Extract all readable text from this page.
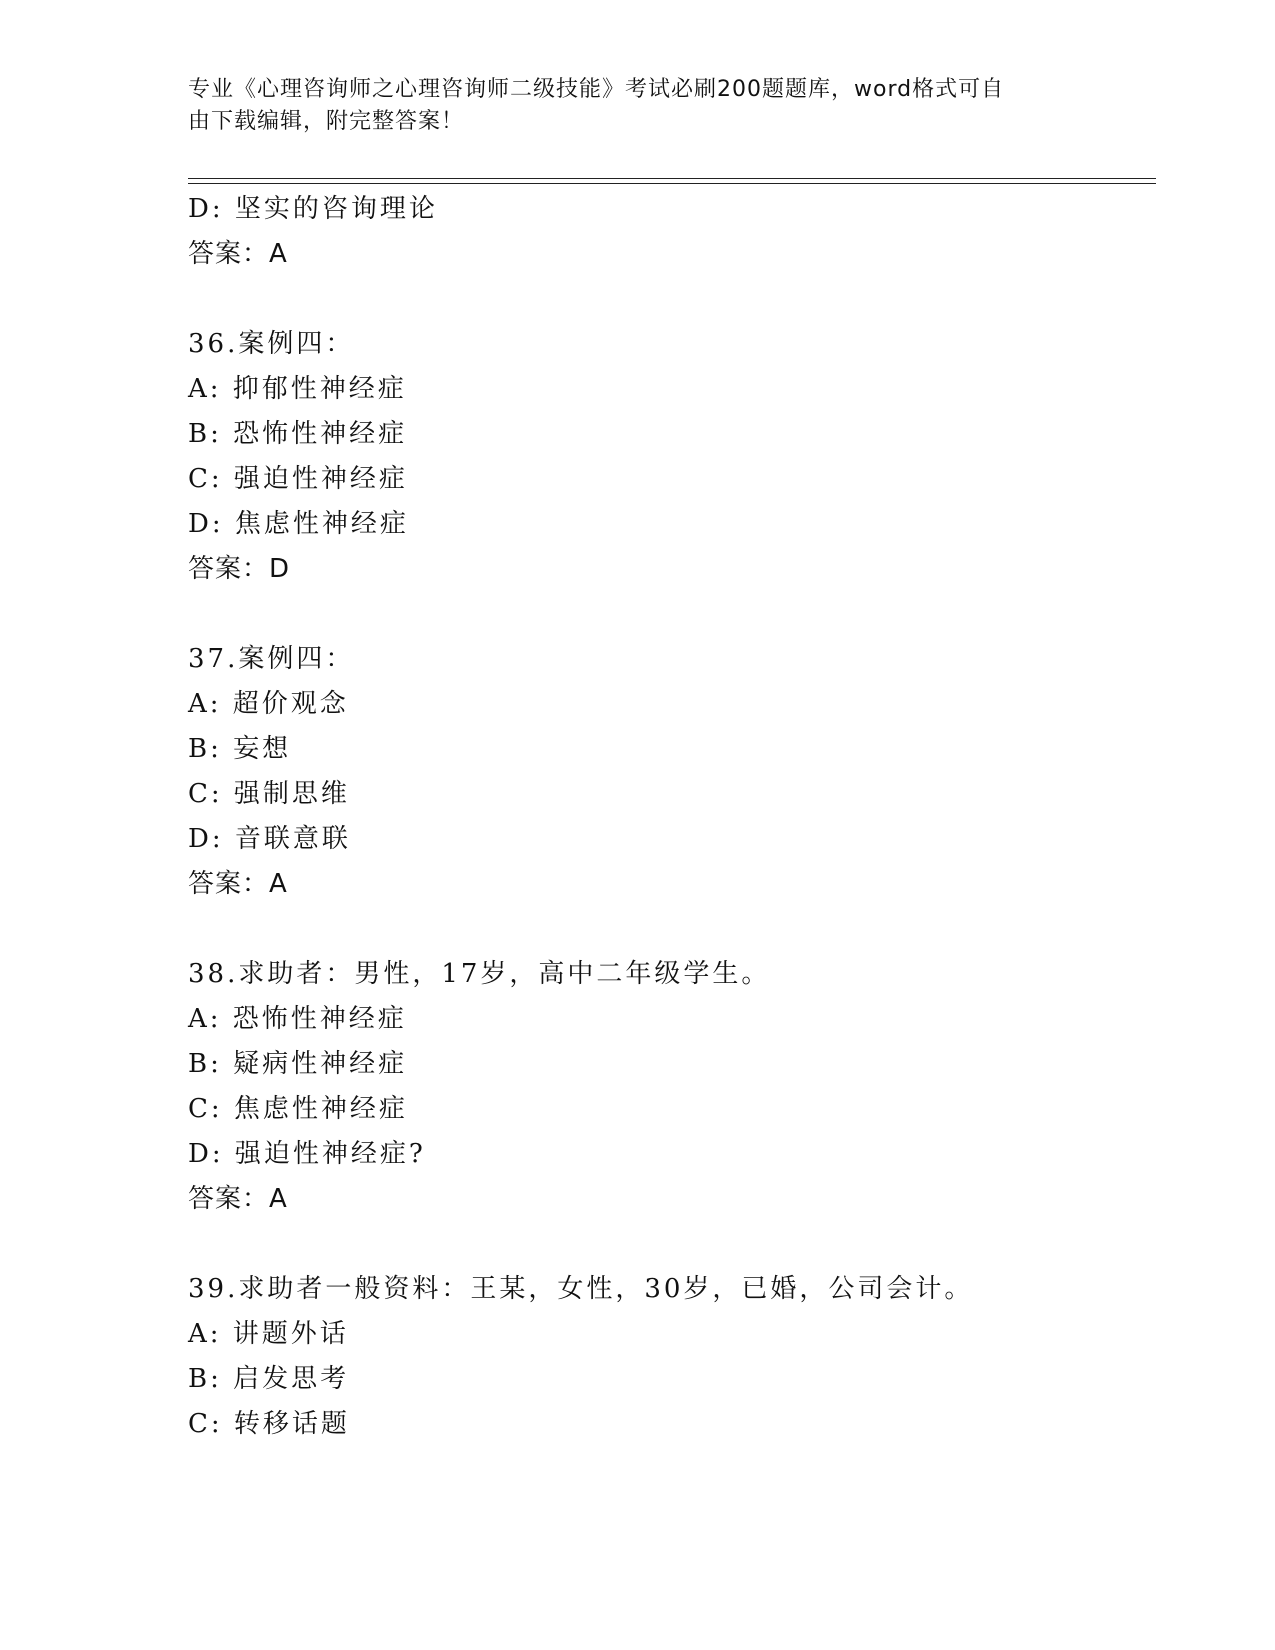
专业《心理咨询师之心理咨询师二级技能》考试必刷200题题库，word格式可自
由下载编辑，附完整答案！
D: 坚实的咨询理论
答案：A
36.案例四：
A: 抑郁性神经症
B: 恐怖性神经症
C: 强迫性神经症
D: 焦虑性神经症
答案：D
37.案例四：
A: 超价观念
B: 妄想
C: 强制思维
D: 音联意联
答案：A
38.求助者：男性，17岁，高中二年级学生。
A: 恐怖性神经症
B: 疑病性神经症
C: 焦虑性神经症
D: 强迫性神经症?
答案：A
39.求助者一般资料：王某，女性，30岁，已婚，公司会计。
A: 讲题外话
B: 启发思考
C: 转移话题
